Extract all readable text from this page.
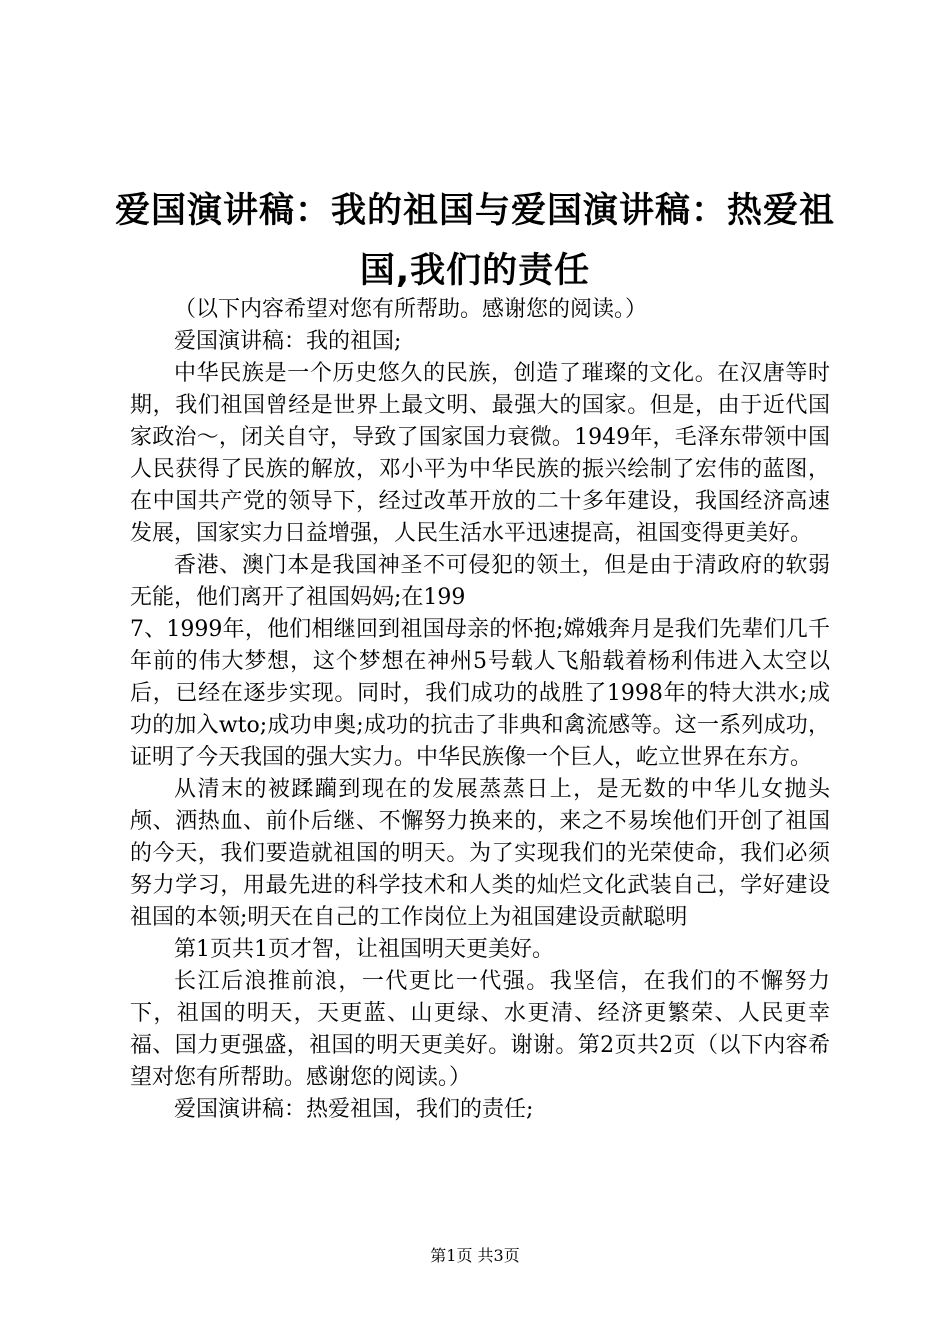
爱国演讲稿：我的祖国与爱国演讲稿：热爱祖
国,我们的责任

（以下内容希望对您有所帮助。感谢您的阅读。）

爱国演讲稿：我的祖国;

中华民族是一个历史悠久的民族，创造了璀璨的文化。在汉唐等时期，我们祖国曾经是世界上最文明、最强大的国家。但是，由于近代国家政治～，闭关自守，导致了国家国力衰微。1949年，毛泽东带领中国人民获得了民族的解放，邓小平为中华民族的振兴绘制了宏伟的蓝图，在中国共产党的领导下，经过改革开放的二十多年建设，我国经济高速发展，国家实力日益增强，人民生活水平迅速提高，祖国变得更美好。

香港、澳门本是我国神圣不可侵犯的领土，但是由于清政府的软弱无能，他们离开了祖国妈妈;在199

7、1999年，他们相继回到祖国母亲的怀抱;嫦娥奔月是我们先辈们几千年前的伟大梦想，这个梦想在神州5号载人飞船载着杨利伟进入太空以后，已经在逐步实现。同时，我们成功的战胜了1998年的特大洪水;成功的加入wto;成功申奥;成功的抗击了非典和禽流感等。这一系列成功，证明了今天我国的强大实力。中华民族像一个巨人，屹立世界在东方。

从清末的被蹂躏到现在的发展蒸蒸日上，是无数的中华儿女抛头颅、洒热血、前仆后继、不懈努力换来的，来之不易埃他们开创了祖国的今天，我们要造就祖国的明天。为了实现我们的光荣使命，我们必须努力学习，用最先进的科学技术和人类的灿烂文化武装自己，学好建设祖国的本领;明天在自己的工作岗位上为祖国建设贡献聪明

第1页共1页才智，让祖国明天更美好。

长江后浪推前浪，一代更比一代强。我坚信，在我们的不懈努力下，祖国的明天，天更蓝、山更绿、水更清、经济更繁荣、人民更幸福、国力更强盛，祖国的明天更美好。谢谢。第2页共2页（以下内容希望对您有所帮助。感谢您的阅读。）

爱国演讲稿：热爱祖国，我们的责任;

第1页 共3页
